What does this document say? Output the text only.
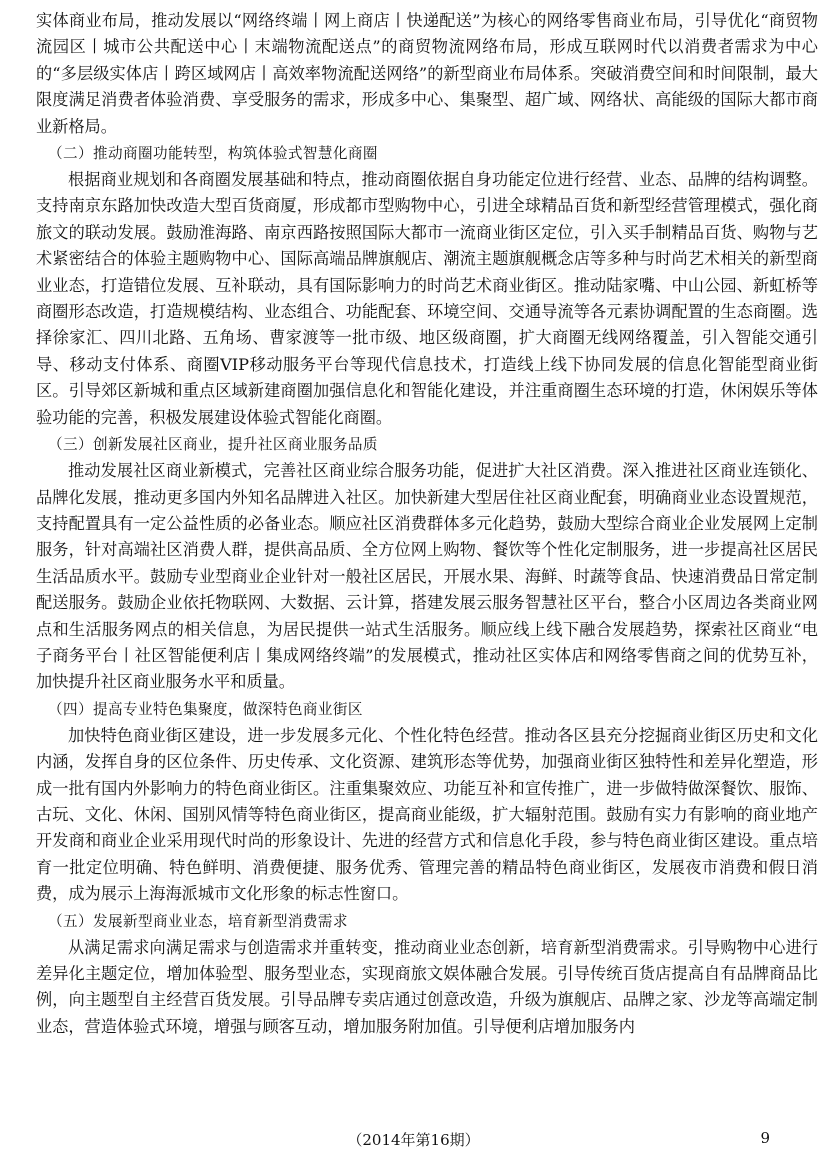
实体商业布局，推动发展以“网络终端丨网上商店丨快递配送”为核心的网络零售商业布局，引导优化“商贸物流园区丨城市公共配送中心丨末端物流配送点”的商贸物流网络布局，形成互联网时代以消费者需求为中心的“多层级实体店丨跨区域网店丨高效率物流配送网络”的新型商业布局体系。突破消费空间和时间限制，最大限度满足消费者体验消费、享受服务的需求，形成多中心、集聚型、超广域、网络状、高能级的国际大都市商业新格局。

（二）推动商圈功能转型，构筑体验式智慧化商圈

根据商业规划和各商圈发展基础和特点，推动商圈依据自身功能定位进行经营、业态、品牌的结构调整。支持南京东路加快改造大型百货商厦，形成都市型购物中心，引进全球精品百货和新型经营管理模式，强化商旅文的联动发展。鼓励淮海路、南京西路按照国际大都市一流商业街区定位，引入买手制精品百货、购物与艺术紧密结合的体验主题购物中心、国际高端品牌旗舰店、潮流主题旗舰概念店等多种与时尚艺术相关的新型商业业态，打造错位发展、互补联动，具有国际影响力的时尚艺术商业街区。推动陆家嘴、中山公园、新虹桥等商圈形态改造，打造规模结构、业态组合、功能配套、环境空间、交通导流等各元素协调配置的生态商圈。选择徐家汇、四川北路、五角场、曹家渡等一批市级、地区级商圈，扩大商圈无线网络覆盖，引入智能交通引导、移动支付体系、商圈VIP移动服务平台等现代信息技术，打造线上线下协同发展的信息化智能型商业街区。引导郊区新城和重点区域新建商圈加强信息化和智能化建设，并注重商圈生态环境的打造，休闲娱乐等体验功能的完善，积极发展建设体验式智能化商圈。

（三）创新发展社区商业，提升社区商业服务品质

推动发展社区商业新模式，完善社区商业综合服务功能，促进扩大社区消费。深入推进社区商业连锁化、品牌化发展，推动更多国内外知名品牌进入社区。加快新建大型居住社区商业配套，明确商业业态设置规范，支持配置具有一定公益性质的必备业态。顺应社区消费群体多元化趋势，鼓励大型综合商业企业发展网上定制服务，针对高端社区消费人群，提供高品质、全方位网上购物、餐饮等个性化定制服务，进一步提高社区居民生活品质水平。鼓励专业型商业企业针对一般社区居民，开展水果、海鲜、时蔬等食品、快速消费品日常定制配送服务。鼓励企业依托物联网、大数据、云计算，搭建发展云服务智慧社区平台，整合小区周边各类商业网点和生活服务网点的相关信息，为居民提供一站式生活服务。顺应线上线下融合发展趋势，探索社区商业“电子商务平台丨社区智能便利店丨集成网络终端”的发展模式，推动社区实体店和网络零售商之间的优势互补，加快提升社区商业服务水平和质量。

（四）提高专业特色集聚度，做深特色商业街区

加快特色商业街区建设，进一步发展多元化、个性化特色经营。推动各区县充分挖掘商业街区历史和文化内涵，发挥自身的区位条件、历史传承、文化资源、建筑形态等优势，加强商业街区独特性和差异化塑造，形成一批有国内外影响力的特色商业街区。注重集聚效应、功能互补和宣传推广，进一步做特做深餐饮、服饰、古玩、文化、休闲、国别风情等特色商业街区，提高商业能级，扩大辐射范围。鼓励有实力有影响的商业地产开发商和商业企业采用现代时尚的形象设计、先进的经营方式和信息化手段，参与特色商业街区建设。重点培育一批定位明确、特色鲜明、消费便捷、服务优秀、管理完善的精品特色商业街区，发展夜市消费和假日消费，成为展示上海海派城市文化形象的标志性窗口。

（五）发展新型商业业态，培育新型消费需求

从满足需求向满足需求与创造需求并重转变，推动商业业态创新，培育新型消费需求。引导购物中心进行差异化主题定位，增加体验型、服务型业态，实现商旅文娱体融合发展。引导传统百货店提高自有品牌商品比例，向主题型自主经营百货发展。引导品牌专卖店通过创意改造，升级为旗舰店、品牌之家、沙龙等高端定制业态，营造体验式环境，增强与顾客互动，增加服务附加值。引导便利店增加服务内

（2014年第16期）	9
